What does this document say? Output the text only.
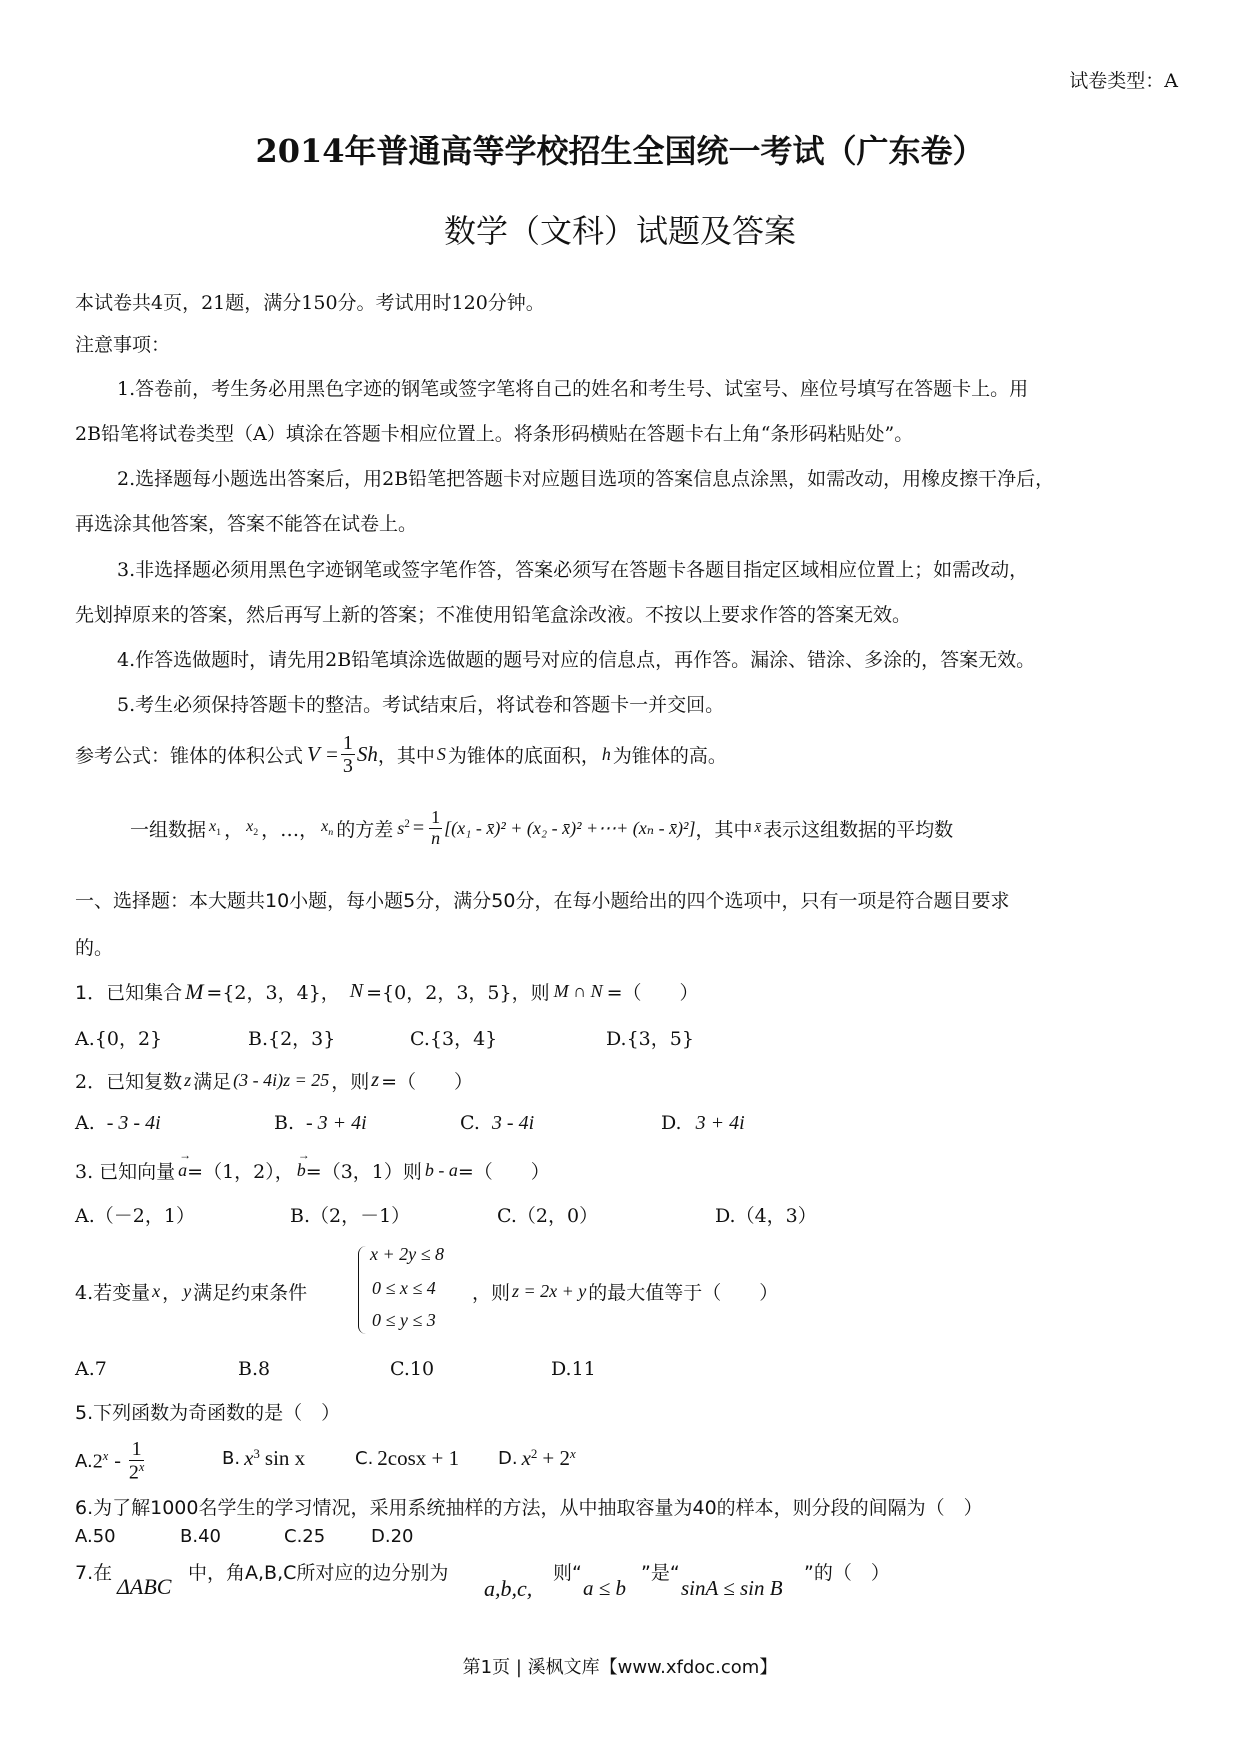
试卷类型：A
2014年普通高等学校招生全国统一考试（广东卷）
数学（文科）试题及答案
本试卷共4页，21题，满分150分。考试用时120分钟。
注意事项：
1.答卷前，考生务必用黑色字迹的钢笔或签字笔将自己的姓名和考生号、试室号、座位号填写在答题卡上。用
2B铅笔将试卷类型（A）填涂在答题卡相应位置上。将条形码横贴在答题卡右上角“条形码粘贴处”。
2.选择题每小题选出答案后，用2B铅笔把答题卡对应题目选项的答案信息点涂黑，如需改动，用橡皮擦干净后，
再选涂其他答案，答案不能答在试卷上。
3.非选择题必须用黑色字迹钢笔或签字笔作答，答案必须写在答题卡各题目指定区域相应位置上；如需改动，
先划掉原来的答案，然后再写上新的答案；不准使用铅笔盒涂改液。不按以上要求作答的答案无效。
4.作答选做题时，请先用2B铅笔填涂选做题的题号对应的信息点，再作答。漏涂、错涂、多涂的，答案无效。
5.考生必须保持答题卡的整洁。考试结束后，将试卷和答题卡一并交回。
参考公式：锥体的体积公式 $V = \frac{1}{3}$ Sh ，其中 S 为锥体的底面积， h 为锥体的高。
一组数据 $x_1$ ， $x_2$ ，…， $x_n$ 的方差 $s^2 = \frac{1}{n} [(x_1$ - x̄)² + (x₂ - x̄)² +⋯+ (xₙ - x̄)²] ，其中 x̄ 表示这组数据的平均数
一、选择题：本大题共10小题，每小题5分，满分50分，在每小题给出的四个选项中，只有一项是符合题目要求
的。
1．已知集合 M ={2，3，4}， N ={0，2，3，5}，则 M ∩ N =（　　）
A.{0，2}	B.{2，3}	C.{3，4}	D.{3，5}
2．已知复数 z 满足 (3 - 4i)z = 25 ，则 z =（　　）
A. - 3 - 4i	B. - 3 + 4i	C. 3 - 4i	D. 3 + 4i
3. 已知向量
→
a =（1，2），
→
b =（3，1）则 b - a =（　　）
A.（－2，1）	B.（2，－1）	C.（2，0）	D.（4，3）
4.若变量 x ， y 满足约束条件
x + 2y ≤ 8
0 ≤ x ≤ 4
0 ≤ y ≤ 3
，则 z = 2x + y 的最大值等于（　　）
A.7	B.8	C.10	D.11
5.下列函数为奇函数的是（　）
A. $2^x - \frac{1}{2^x}$	B. $x^3$ sin x	C. 2cosx + 1 D. $x^2 + 2^x$
6.为了解1000名学生的学习情况，采用系统抽样的方法，从中抽取容量为40的样本，则分段的间隔为（　）
A.50	B.40	C.25	D.20
7.在
ΔABC
中，角A,B,C所对应的边分别为
a,b,c,
则“
a ≤ b
”是“
sinA ≤ sin B
”的（　）
第1页 | 溪枫文库【www.xfdoc.com】
